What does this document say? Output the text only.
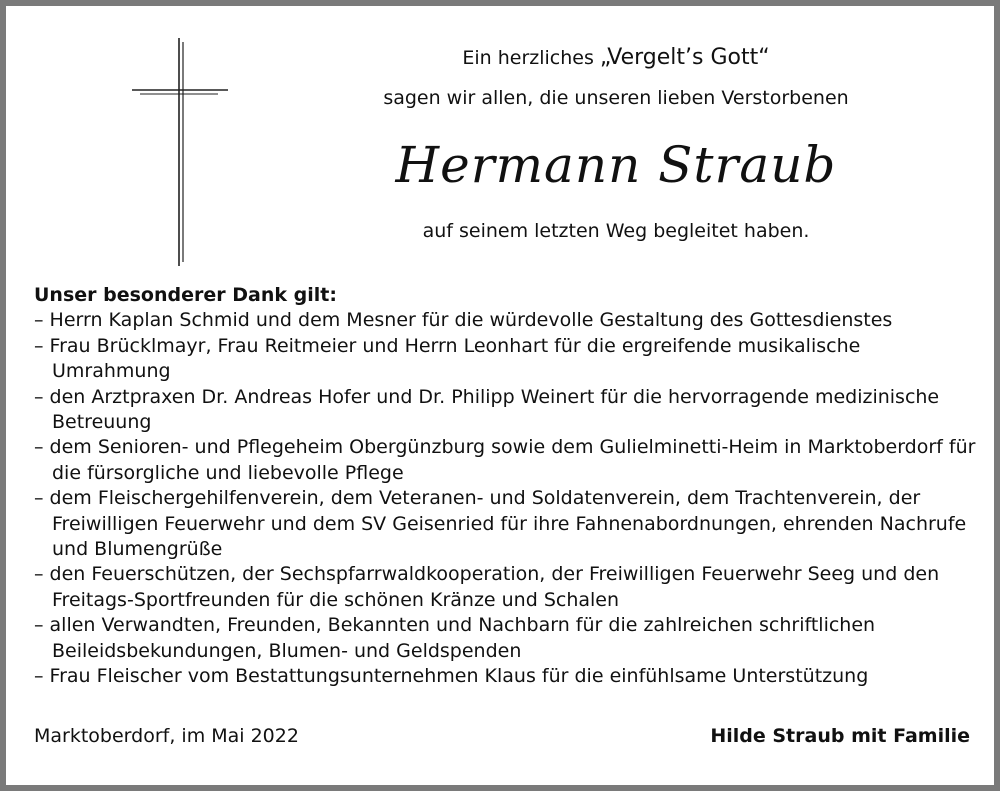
Ein herzliches „Vergelt’s Gott“
sagen wir allen, die unseren lieben Verstorbenen
Hermann Straub
auf seinem letzten Weg begleitet haben.
Unser besonderer Dank gilt:
– Herrn Kaplan Schmid und dem Mesner für die würdevolle Gestaltung des Gottesdienstes
– Frau Brücklmayr, Frau Reitmeier und Herrn Leonhart für die ergreifende musikalische Umrahmung
– den Arztpraxen Dr. Andreas Hofer und Dr. Philipp Weinert für die hervorragende medizinische Betreuung
– dem Senioren- und Pflegeheim Obergünzburg sowie dem Gulielminetti-Heim in Marktoberdorf für die fürsorgliche und liebevolle Pflege
– dem Fleischergehilfenverein, dem Veteranen- und Soldatenverein, dem Trachtenverein, der Freiwilligen Feuerwehr und dem SV Geisenried für ihre Fahnenabordnungen, ehrenden Nachrufe und Blumengrüße
– den Feuerschützen, der Sechspfarrwaldkooperation, der Freiwilligen Feuerwehr Seeg und den Freitags-Sportfreunden für die schönen Kränze und Schalen
– allen Verwandten, Freunden, Bekannten und Nachbarn für die zahlreichen schriftlichen Beileidsbekundungen, Blumen- und Geldspenden
– Frau Fleischer vom Bestattungsunternehmen Klaus für die einfühlsame Unterstützung
Marktoberdorf, im Mai 2022	Hilde Straub mit Familie
